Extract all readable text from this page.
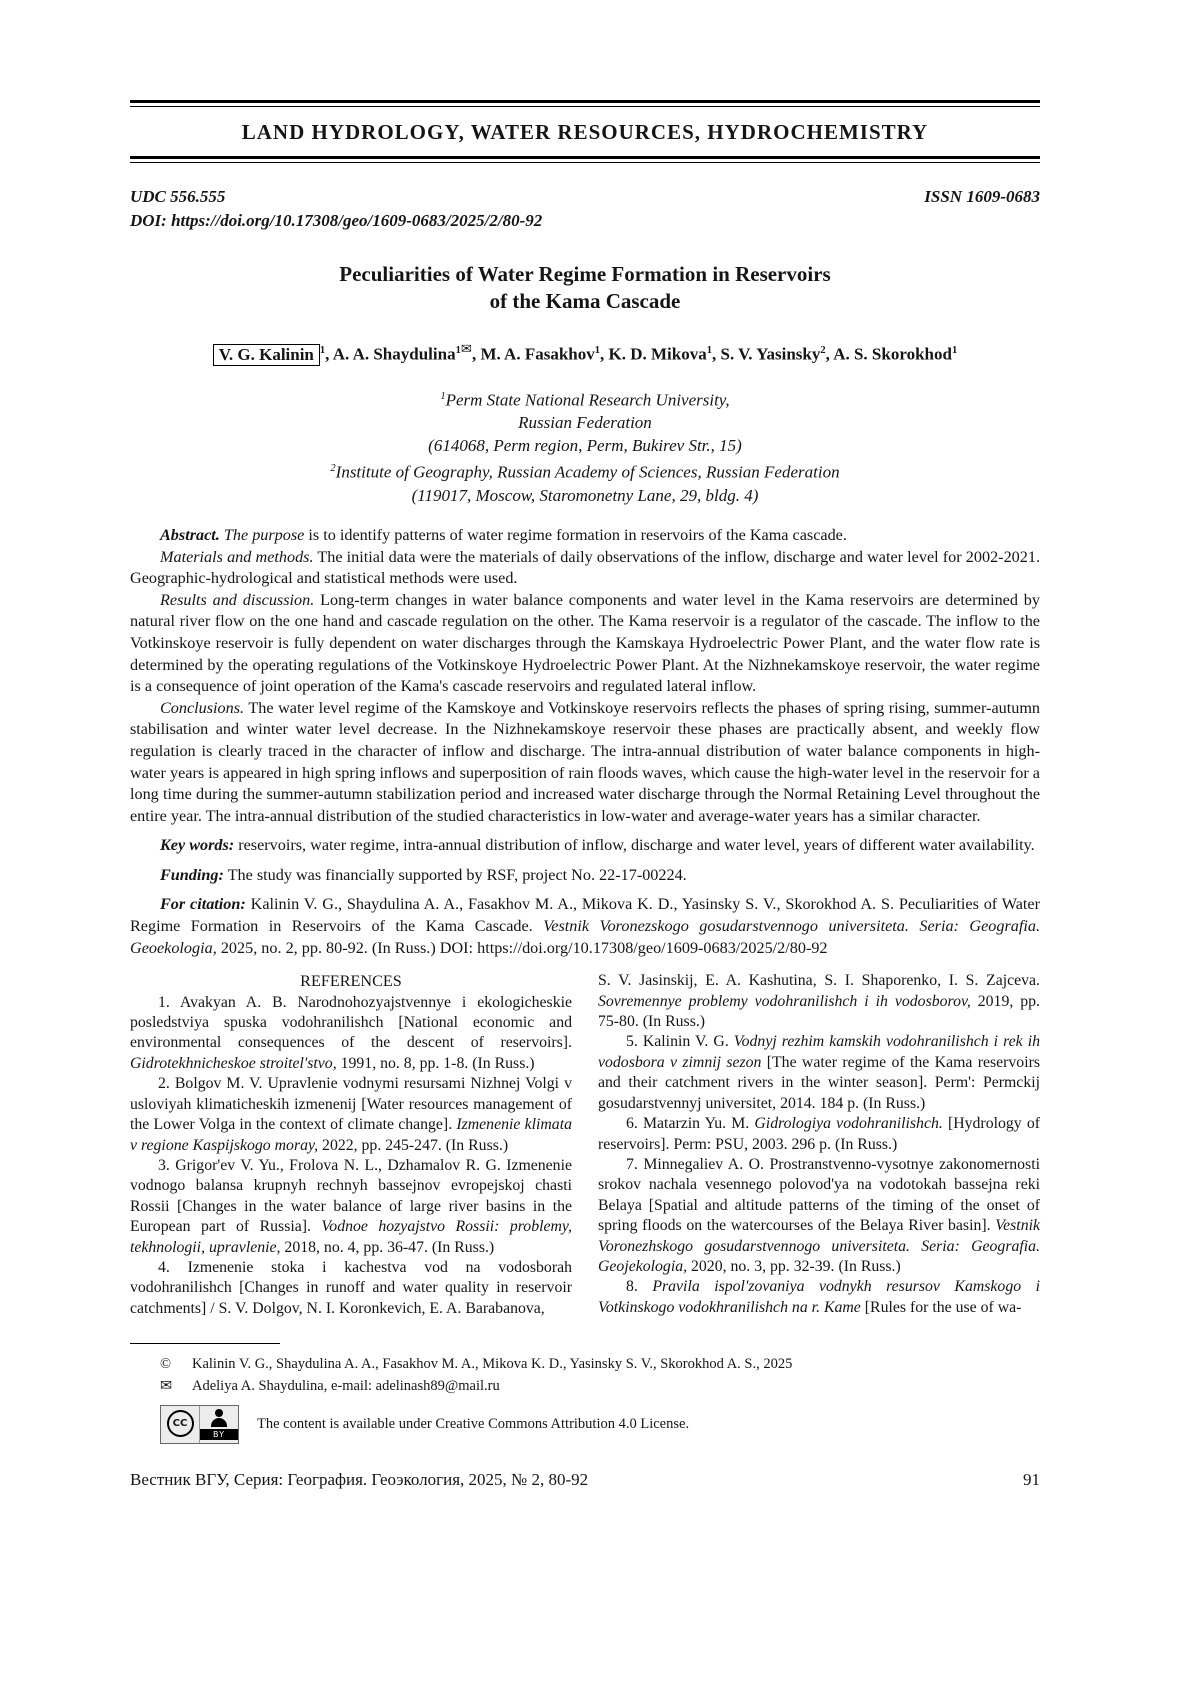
LAND HYDROLOGY, WATER RESOURCES, HYDROCHEMISTRY
UDC 556.555	ISSN 1609-0683
DOI: https://doi.org/10.17308/geo/1609-0683/2025/2/80-92
Peculiarities of Water Regime Formation in Reservoirs
of the Kama Cascade
V. G. Kalinin $^1$, A. A. Shaydulina$^{1✉}$, M. A. Fasakhov$^1$, K. D. Mikova$^1$, S. V. Yasinsky$^2$, A. S. Skorokhod$^1$
$^1$Perm State National Research University,
Russian Federation
(614068, Perm region, Perm, Bukirev Str., 15)
$^2$Institute of Geography, Russian Academy of Sciences, Russian Federation
(119017, Moscow, Staromonetny Lane, 29, bldg. 4)

Abstract. The purpose is to identify patterns of water regime formation in reservoirs of the Kama cascade.

Materials and methods. The initial data were the materials of daily observations of the inflow, discharge and water level for 2002-2021. Geographic-hydrological and statistical methods were used.

Results and discussion. Long-term changes in water balance components and water level in the Kama reservoirs are determined by natural river flow on the one hand and cascade regulation on the other. The Kama reservoir is a regulator of the cascade. The inflow to the Votkinskoye reservoir is fully dependent on water discharges through the Kamskaya Hydroelectric Power Plant, and the water flow rate is determined by the operating regulations of the Votkinskoye Hydroelectric Power Plant. At the Nizhnekamskoye reservoir, the water regime is a consequence of joint operation of the Kama's cascade reservoirs and regulated lateral inflow.

Conclusions. The water level regime of the Kamskoye and Votkinskoye reservoirs reflects the phases of spring rising, summer-autumn stabilisation and winter water level decrease. In the Nizhnekamskoye reservoir these phases are practically absent, and weekly flow regulation is clearly traced in the character of inflow and discharge. The intra-annual distribution of water balance components in high-water years is appeared in high spring inflows and superposition of rain floods waves, which cause the high-water level in the reservoir for a long time during the summer-autumn stabilization period and increased water discharge through the Normal Retaining Level throughout the entire year. The intra-annual distribution of the studied characteristics in low-water and average-water years has a similar character.

Key words: reservoirs, water regime, intra-annual distribution of inflow, discharge and water level, years of different water availability.

Funding: The study was financially supported by RSF, project No. 22-17-00224.

For citation: Kalinin V. G., Shaydulina A. A., Fasakhov M. A., Mikova K. D., Yasinsky S. V., Skorokhod A. S. Peculiarities of Water Regime Formation in Reservoirs of the Kama Cascade. Vestnik Voronezskogo gosudarstvennogo universiteta. Seria: Geografia. Geoekologia, 2025, no. 2, pp. 80-92. (In Russ.) DOI: https://doi.org/10.17308/geo/1609-0683/2025/2/80-92

REFERENCES

1. Avakyan A. B. Narodnohozyajstvennye i ekologicheskie posledstviya spuska vodohranilishch [National economic and environmental consequences of the descent of reservoirs]. Gidrotekhnicheskoe stroitel'stvo, 1991, no. 8, pp. 1-8. (In Russ.)

2. Bolgov M. V. Upravlenie vodnymi resursami Nizhnej Volgi v usloviyah klimaticheskih izmenenij [Water resources management of the Lower Volga in the context of climate change]. Izmenenie klimata v regione Kaspijskogo moray, 2022, pp. 245-247. (In Russ.)

3. Grigor'ev V. Yu., Frolova N. L., Dzhamalov R. G. Izmenenie vodnogo balansa krupnyh rechnyh bassejnov evropejskoj chasti Rossii [Changes in the water balance of large river basins in the European part of Russia]. Vodnoe hozyajstvo Rossii: problemy, tekhnologii, upravlenie, 2018, no. 4, pp. 36-47. (In Russ.)

4. Izmenenie stoka i kachestva vod na vodosborah vodohranilishch [Changes in runoff and water quality in reservoir catchments] / S. V. Dolgov, N. I. Koronkevich, E. A. Barabanova,

S. V. Jasinskij, E. A. Kashutina, S. I. Shaporenko, I. S. Zajceva. Sovremennye problemy vodohranilishch i ih vodosborov, 2019, pp. 75-80. (In Russ.)

5. Kalinin V. G. Vodnyj rezhim kamskih vodohranilishch i rek ih vodosbora v zimnij sezon [The water regime of the Kama reservoirs and their catchment rivers in the winter season]. Perm': Permckij gosudarstvennyj universitet, 2014. 184 p. (In Russ.)

6. Matarzin Yu. M. Gidrologiya vodohranilishch. [Hydrology of reservoirs]. Perm: PSU, 2003. 296 p. (In Russ.)

7. Minnegaliev A. O. Prostranstvenno-vysotnye zakonomernosti srokov nachala vesennego polovod'ya na vodotokah bassejna reki Belaya [Spatial and altitude patterns of the timing of the onset of spring floods on the watercourses of the Belaya River basin]. Vestnik Voronezhskogo gosudarstvennogo universiteta. Seria: Geografia. Geojekologia, 2020, no. 3, pp. 32-39. (In Russ.)

8. Pravila ispol'zovaniya vodnykh resursov Kamskogo i Votkinskogo vodokhranilishch na r. Kame [Rules for the use of wa-

©	Kalinin V. G., Shaydulina A. A., Fasakhov M. A., Mikova K. D., Yasinsky S. V., Skorokhod A. S., 2025
✉	Adeliya A. Shaydulina, e-mail: adelinash89@mail.ru
CC
BY
The content is available under Creative Commons Attribution 4.0 License.
Вестник ВГУ, Серия: География. Геоэкология, 2025, № 2, 80-92	91
